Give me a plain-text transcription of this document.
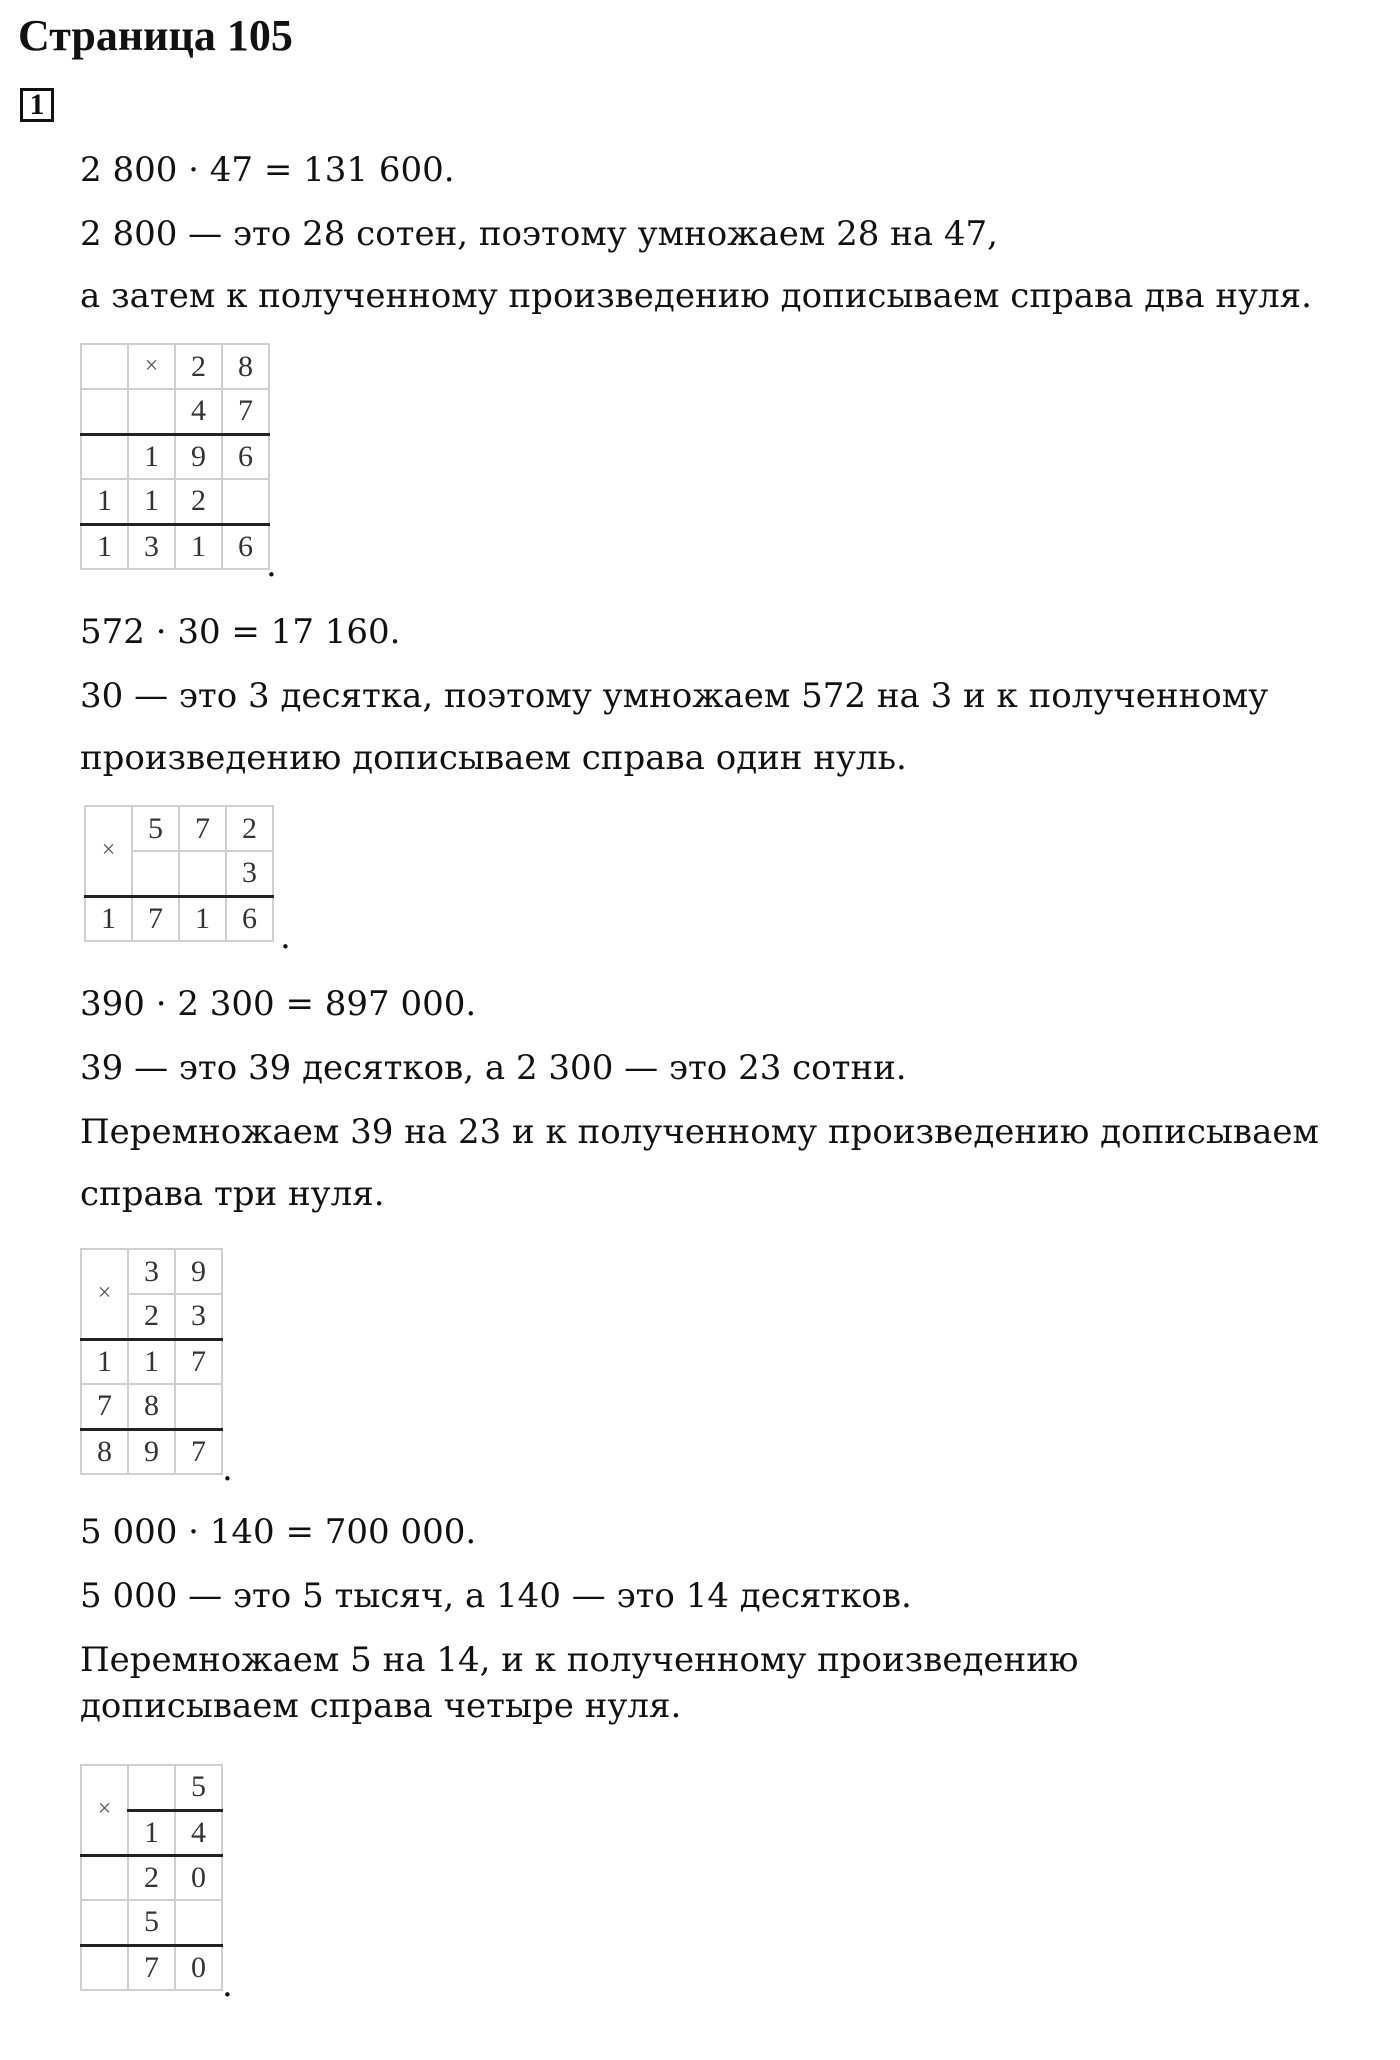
Страница 105
1
2 800 · 47 = 131 600.
2 800 — это 28 сотен, поэтому умножаем 28 на 47,
а затем к полученному произведению дописываем справа два нуля.
	×	2	8
		4	7
	1	9	6
1	1	2	
1	3	1	6 .
572 · 30 = 17 160.
30 — это 3 десятка, поэтому умножаем 572 на 3 и к полученному
произведению дописываем справа один нуль.
×	5	7	2
			3
1	7	1	6 .
390 · 2 300 = 897 000.
39 — это 39 десятков, а 2 300 — это 23 сотни.
Перемножаем 39 на 23 и к полученному произведению дописываем
справа три нуля.
×	3	9
	2	3
1	1	7
7	8	
8	9	7 .
5 000 · 140 = 700 000.
5 000 — это 5 тысяч, а 140 — это 14 десятков.
Перемножаем 5 на 14, и к полученному произведению
дописываем справа четыре нуля.
×		5
	1	4
	2	0
	5	
	7	0 .
